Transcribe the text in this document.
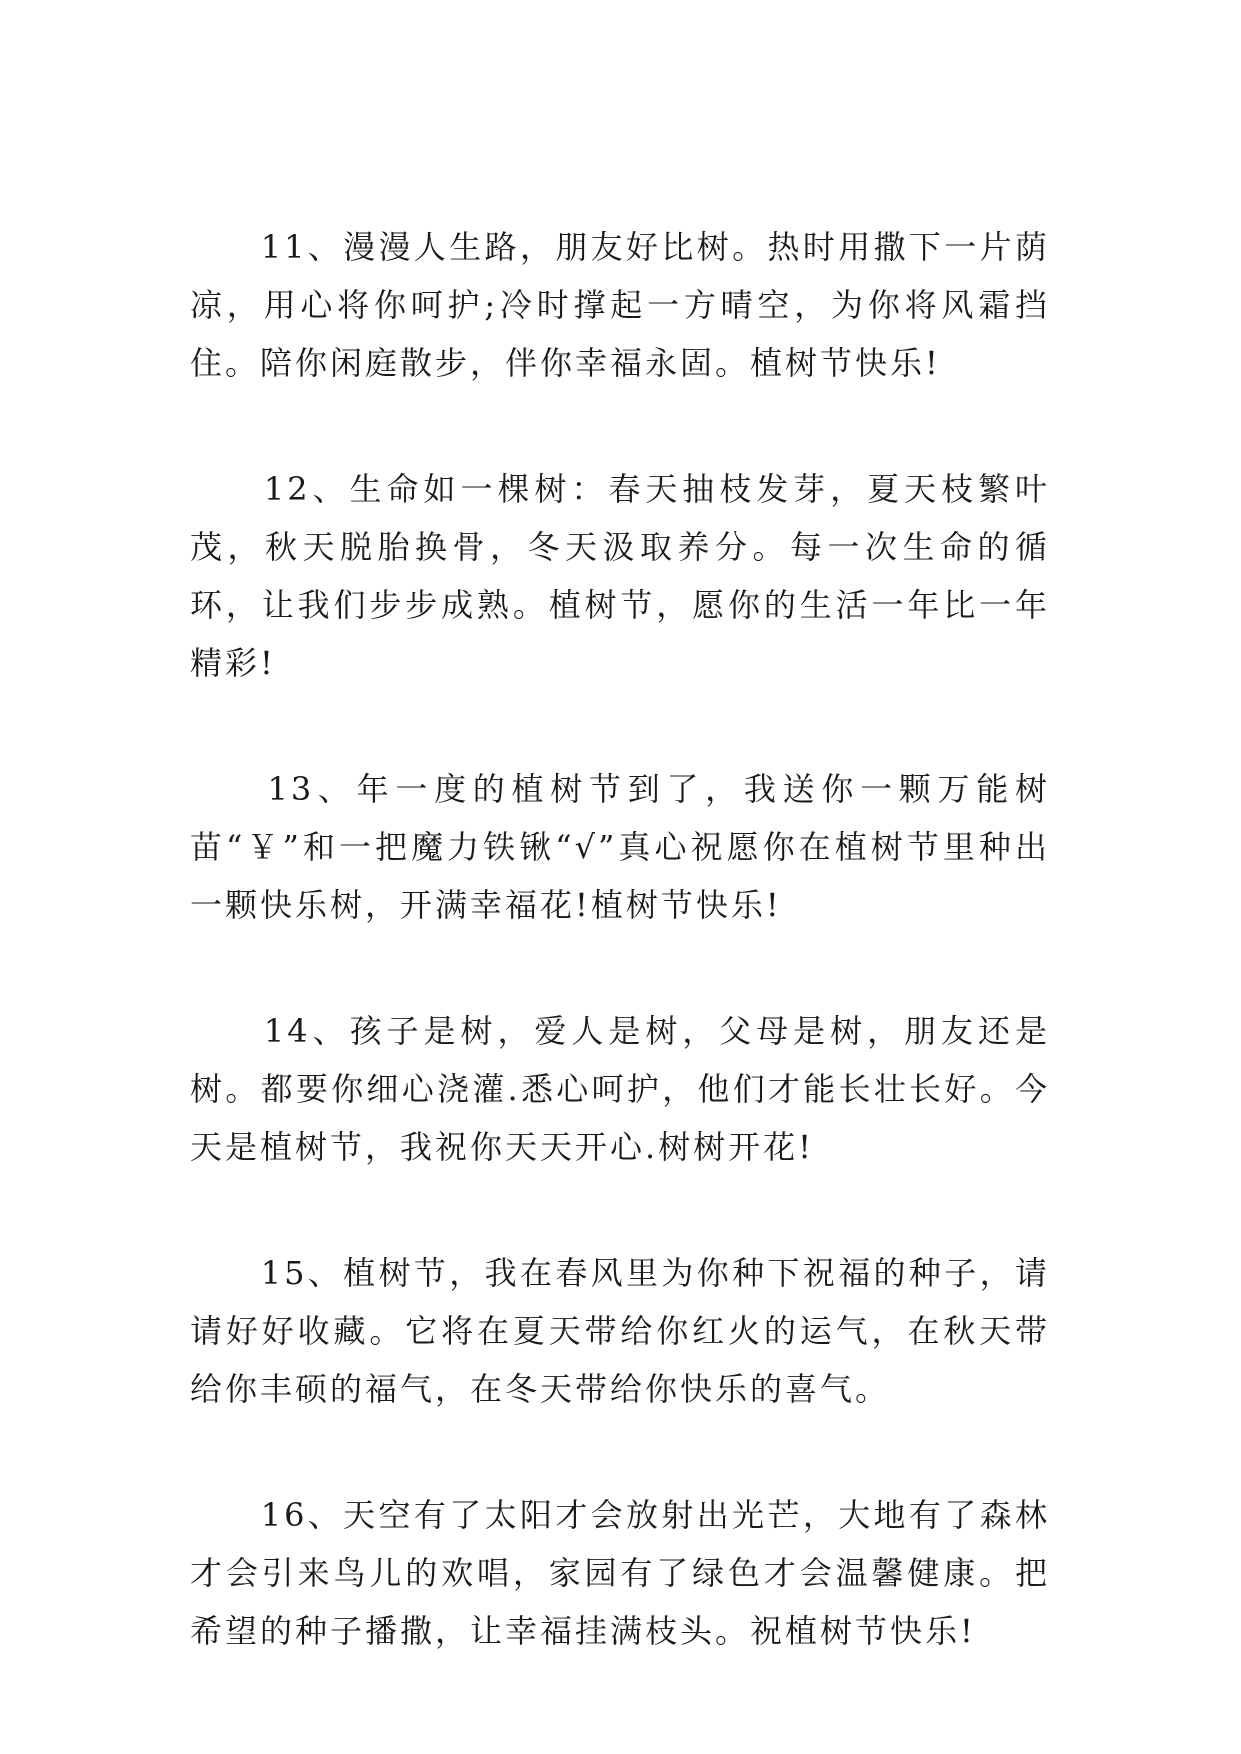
　　11、漫漫人生路，朋友好比树。热时用撒下一片荫凉，用心将你呵护;冷时撑起一方晴空，为你将风霜挡住。陪你闲庭散步，伴你幸福永固。植树节快乐!

　　12、生命如一棵树：春天抽枝发芽，夏天枝繁叶茂，秋天脱胎换骨，冬天汲取养分。每一次生命的循环，让我们步步成熟。植树节，愿你的生活一年比一年精彩!

　　13、年一度的植树节到了，我送你一颗万能树苗“￥”和一把魔力铁锹“√”真心祝愿你在植树节里种出一颗快乐树，开满幸福花!植树节快乐!

　　14、孩子是树，爱人是树，父母是树，朋友还是树。都要你细心浇灌.悉心呵护，他们才能长壮长好。今天是植树节，我祝你天天开心.树树开花!

　　15、植树节，我在春风里为你种下祝福的种子，请请好好收藏。它将在夏天带给你红火的运气，在秋天带给你丰硕的福气，在冬天带给你快乐的喜气。

　　16、天空有了太阳才会放射出光芒，大地有了森林才会引来鸟儿的欢唱，家园有了绿色才会温馨健康。把希望的种子播撒，让幸福挂满枝头。祝植树节快乐!
